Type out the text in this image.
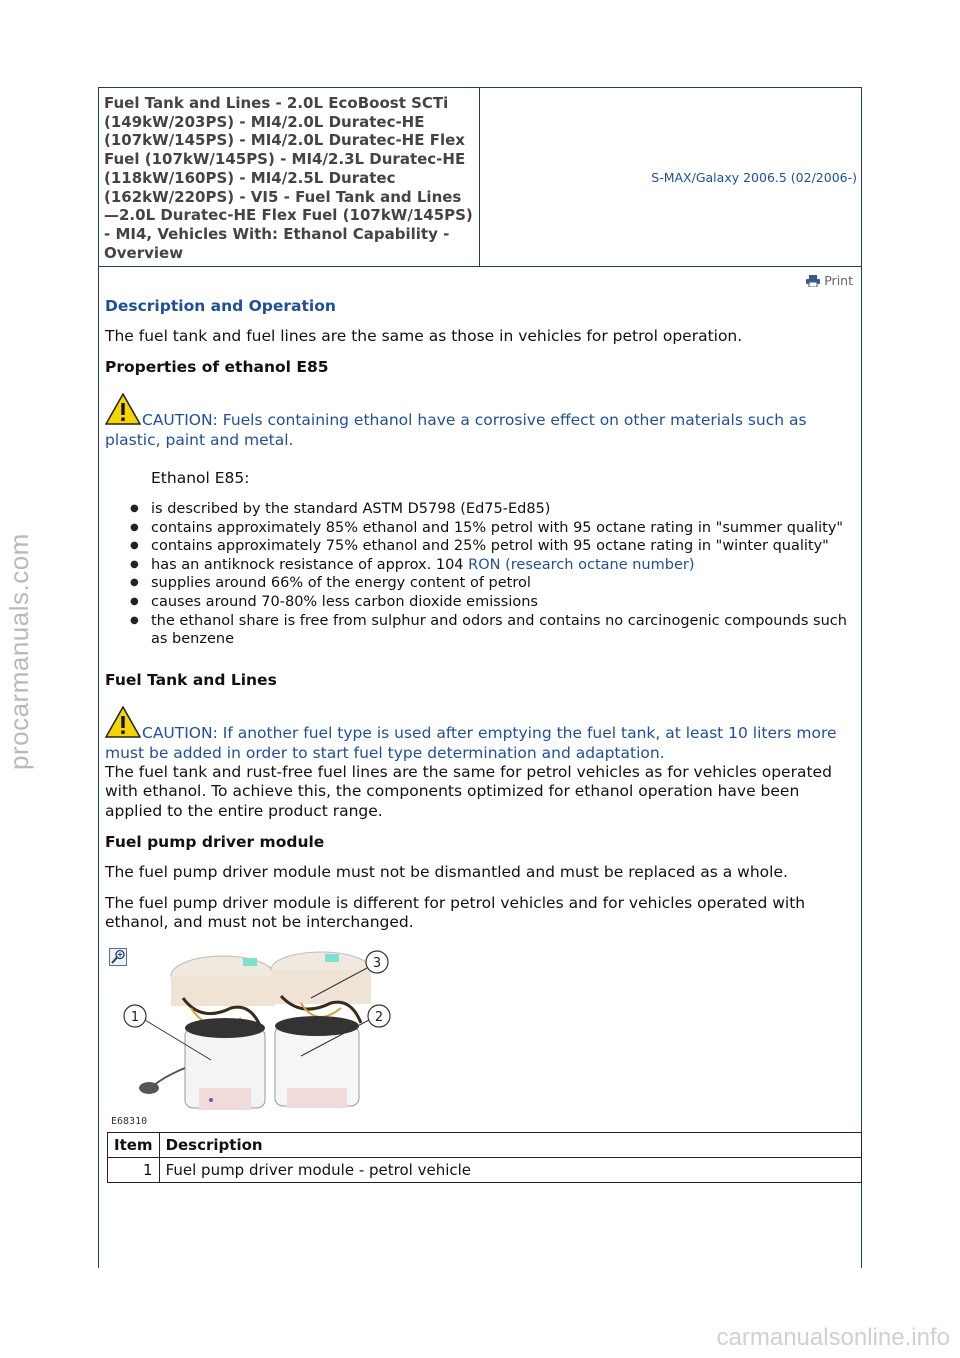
procarmanuals.com
carmanualsonline.info
Fuel Tank and Lines - 2.0L EcoBoost SCTi (149kW/203PS) - MI4/2.0L Duratec-HE (107kW/145PS) - MI4/2.0L Duratec-HE Flex Fuel (107kW/145PS) - MI4/2.3L Duratec-HE (118kW/160PS) - MI4/2.5L Duratec (162kW/220PS) - VI5 - Fuel Tank and Lines—2.0L Duratec-HE Flex Fuel (107kW/145PS) - MI4, Vehicles With: Ethanol Capability - Overview
S-MAX/Galaxy 2006.5 (02/2006-)
Print
Description and Operation

The fuel tank and fuel lines are the same as those in vehicles for petrol operation.

Properties of ethanol E85
CAUTION: Fuels containing ethanol have a corrosive effect on other materials such as plastic, paint and metal.

Ethanol E85:

● is described by the standard ASTM D5798 (Ed75-Ed85)
● contains approximately 85% ethanol and 15% petrol with 95 octane rating in "summer quality"
● contains approximately 75% ethanol and 25% petrol with 95 octane rating in "winter quality"
● has an antiknock resistance of approx. 104 RON (research octane number)
● supplies around 66% of the energy content of petrol
● causes around 70-80% less carbon dioxide emissions
● the ethanol share is free from sulphur and odors and contains no carcinogenic compounds such as benzene
Fuel Tank and Lines
CAUTION: If another fuel type is used after emptying the fuel tank, at least 10 liters more must be added in order to start fuel type determination and adaptation.

The fuel tank and rust-free fuel lines are the same for petrol vehicles as for vehicles operated with ethanol. To achieve this, the components optimized for ethanol operation have been applied to the entire product range.

Fuel pump driver module

The fuel pump driver module must not be dismantled and must be replaced as a whole.

The fuel pump driver module is different for petrol vehicles and for vehicles operated with ethanol, and must not be interchanged.

1	2
3
E68310
Item	Description
1	Fuel pump driver module - petrol vehicle
